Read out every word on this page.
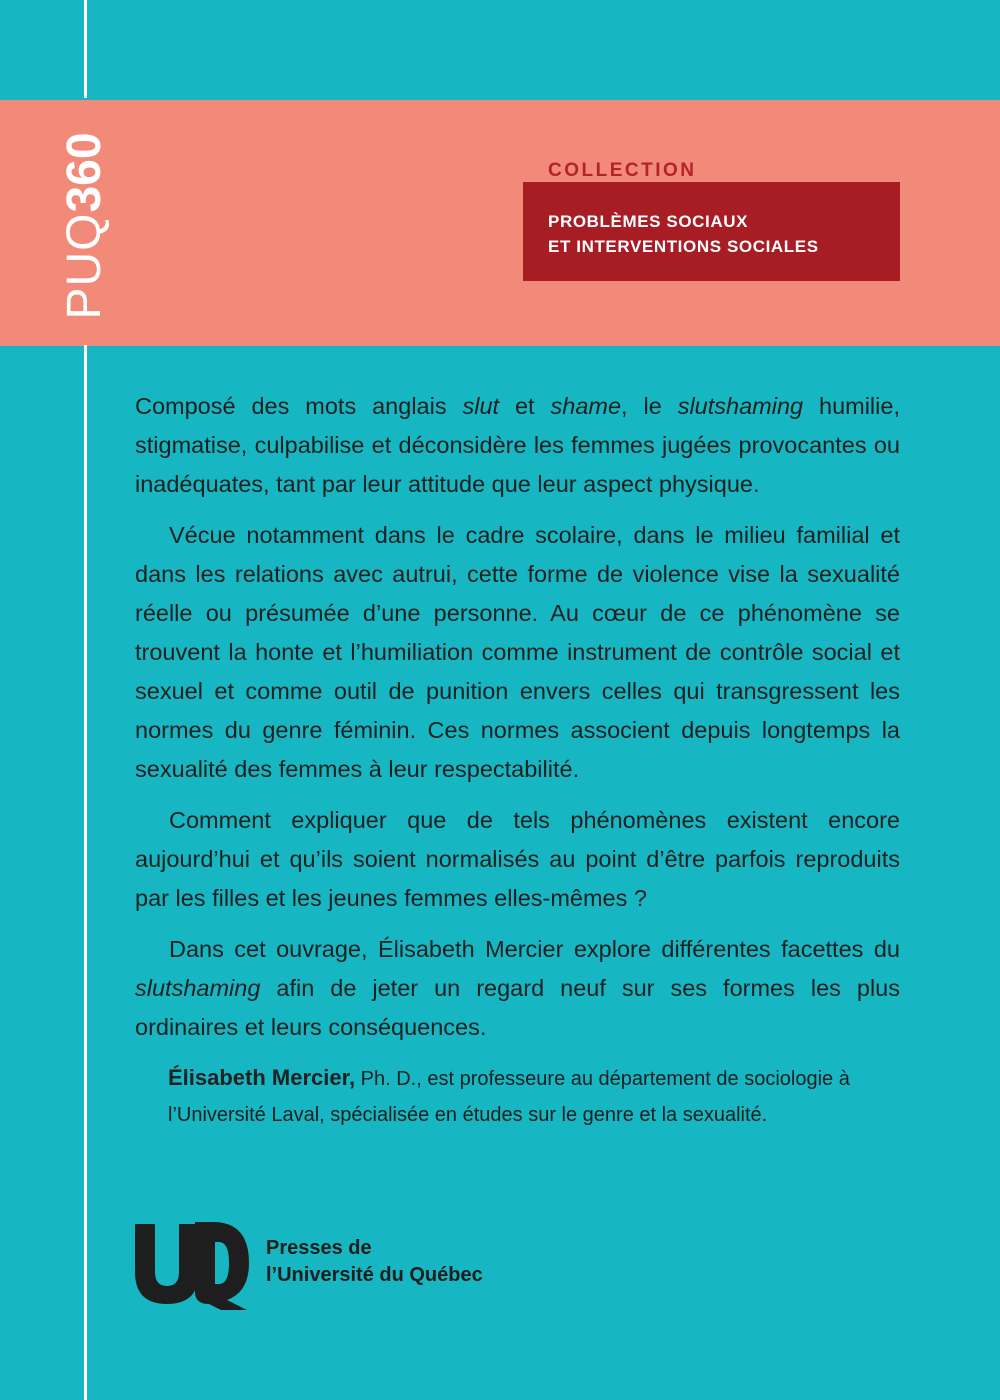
PUQ360	COLLECTION
PROBLÈMES SOCIAUX
ET INTERVENTIONS SOCIALES

Composé des mots anglais slut et shame, le slutshaming humilie, stigmatise, culpabilise et déconsidère les femmes jugées provocantes ou inadéquates, tant par leur attitude que leur aspect physique.

Vécue notamment dans le cadre scolaire, dans le milieu familial et dans les relations avec autrui, cette forme de violence vise la sexualité réelle ou présumée d’une personne. Au cœur de ce phénomène se trouvent la honte et l’humiliation comme instrument de contrôle social et sexuel et comme outil de punition envers celles qui transgressent les normes du genre féminin. Ces normes associent depuis longtemps la sexualité des femmes à leur respectabilité.

Comment expliquer que de tels phénomènes existent encore aujourd’hui et qu’ils soient normalisés au point d’être parfois reproduits par les filles et les jeunes femmes elles-mêmes ?

Dans cet ouvrage, Élisabeth Mercier explore différentes facettes du slutshaming afin de jeter un regard neuf sur ses formes les plus ordinaires et leurs conséquences.

Élisabeth Mercier, Ph. D., est professeure au département de sociologie à l’Université Laval, spécialisée en études sur le genre et la sexualité.
Presses de
l’Université du Québec
